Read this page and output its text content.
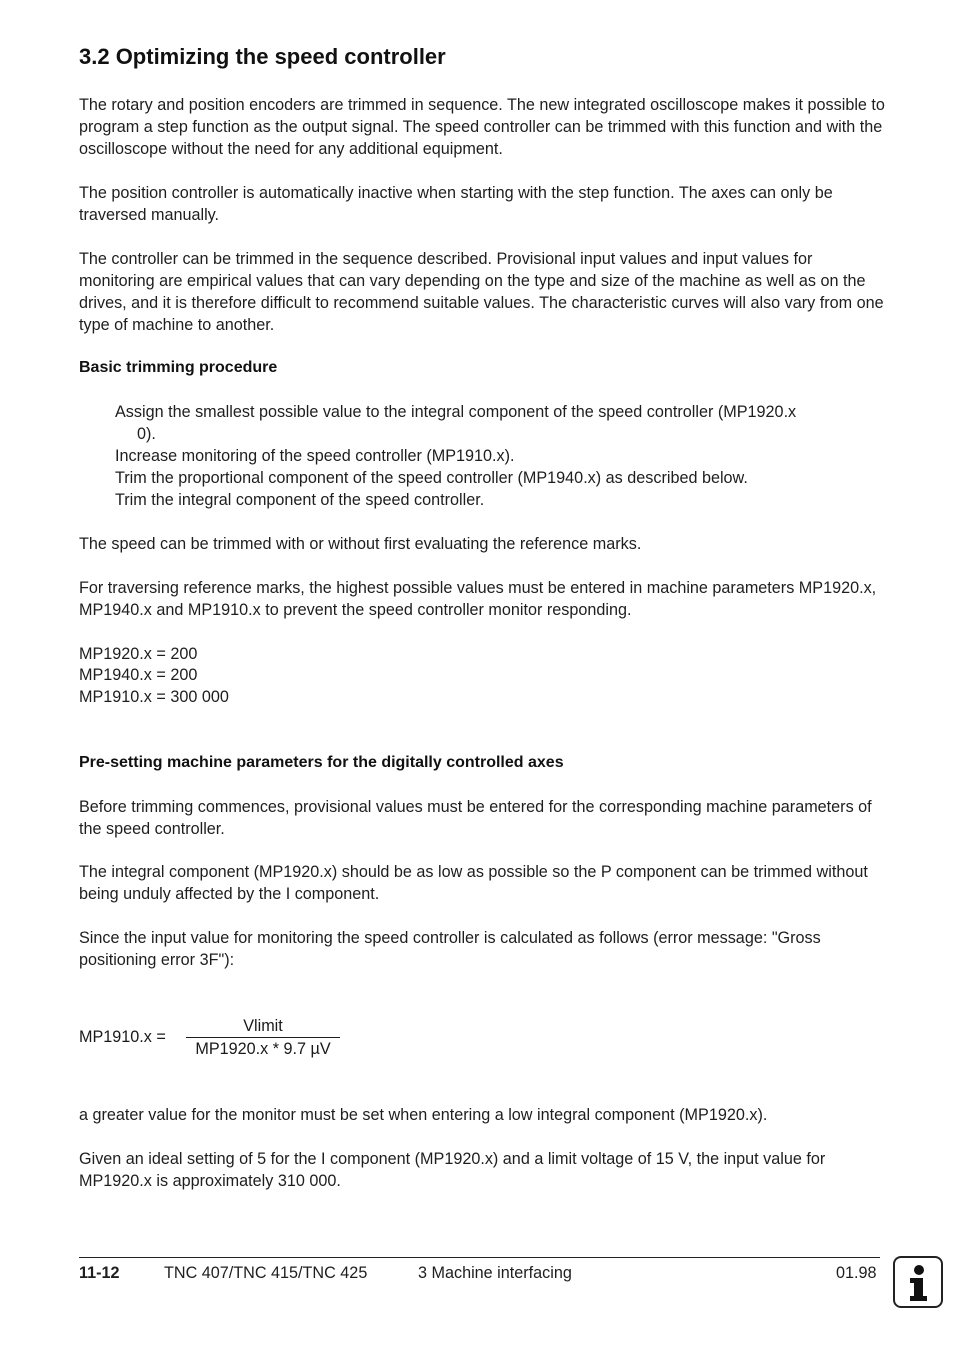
3.2 Optimizing the speed controller

The rotary and position encoders are trimmed in sequence. The new integrated oscilloscope makes it possible to program a step function as the output signal. The speed controller can be trimmed with this function and with the oscilloscope without the need for any additional equipment.

The position controller is automatically inactive when starting with the step function. The axes can only be traversed manually.

The controller can be trimmed in the sequence described. Provisional input values and input values for monitoring are empirical values that can vary depending on the type and size of the machine as well as on the drives, and it is therefore difficult to recommend suitable values. The characteristic curves will also vary from one type of machine to another.

Basic trimming procedure

Assign the smallest possible value to the integral component of the speed controller (MP1920.x
0).

Increase monitoring of the speed controller (MP1910.x).

Trim the proportional component of the speed controller (MP1940.x) as described below.

Trim the integral component of the speed controller.

The speed can be trimmed with or without first evaluating the reference marks.

For traversing reference marks, the highest possible values must be entered in machine parameters MP1920.x, MP1940.x and MP1910.x to prevent the speed controller monitor responding.

MP1920.x = 200

MP1940.x = 200

MP1910.x = 300 000

Pre-setting machine parameters for the digitally controlled axes

Before trimming commences, provisional values must be entered for the corresponding machine parameters of the speed controller.

The integral component (MP1920.x) should be as low as possible so the P component can be trimmed without being unduly affected by the I component.

Since the input value for monitoring the speed controller is calculated as follows (error message: "Gross positioning error 3F"):

MP1910.x =
Vlimit
MP1920.x * 9.7 µV

a greater value for the monitor must be set when entering a low integral component (MP1920.x).

Given an ideal setting of 5 for the I component (MP1920.x) and a limit voltage of 15 V, the input value for MP1920.x is approximately 310 000.

11-12	TNC 407/TNC 415/TNC 425	3 Machine interfacing	01.98
